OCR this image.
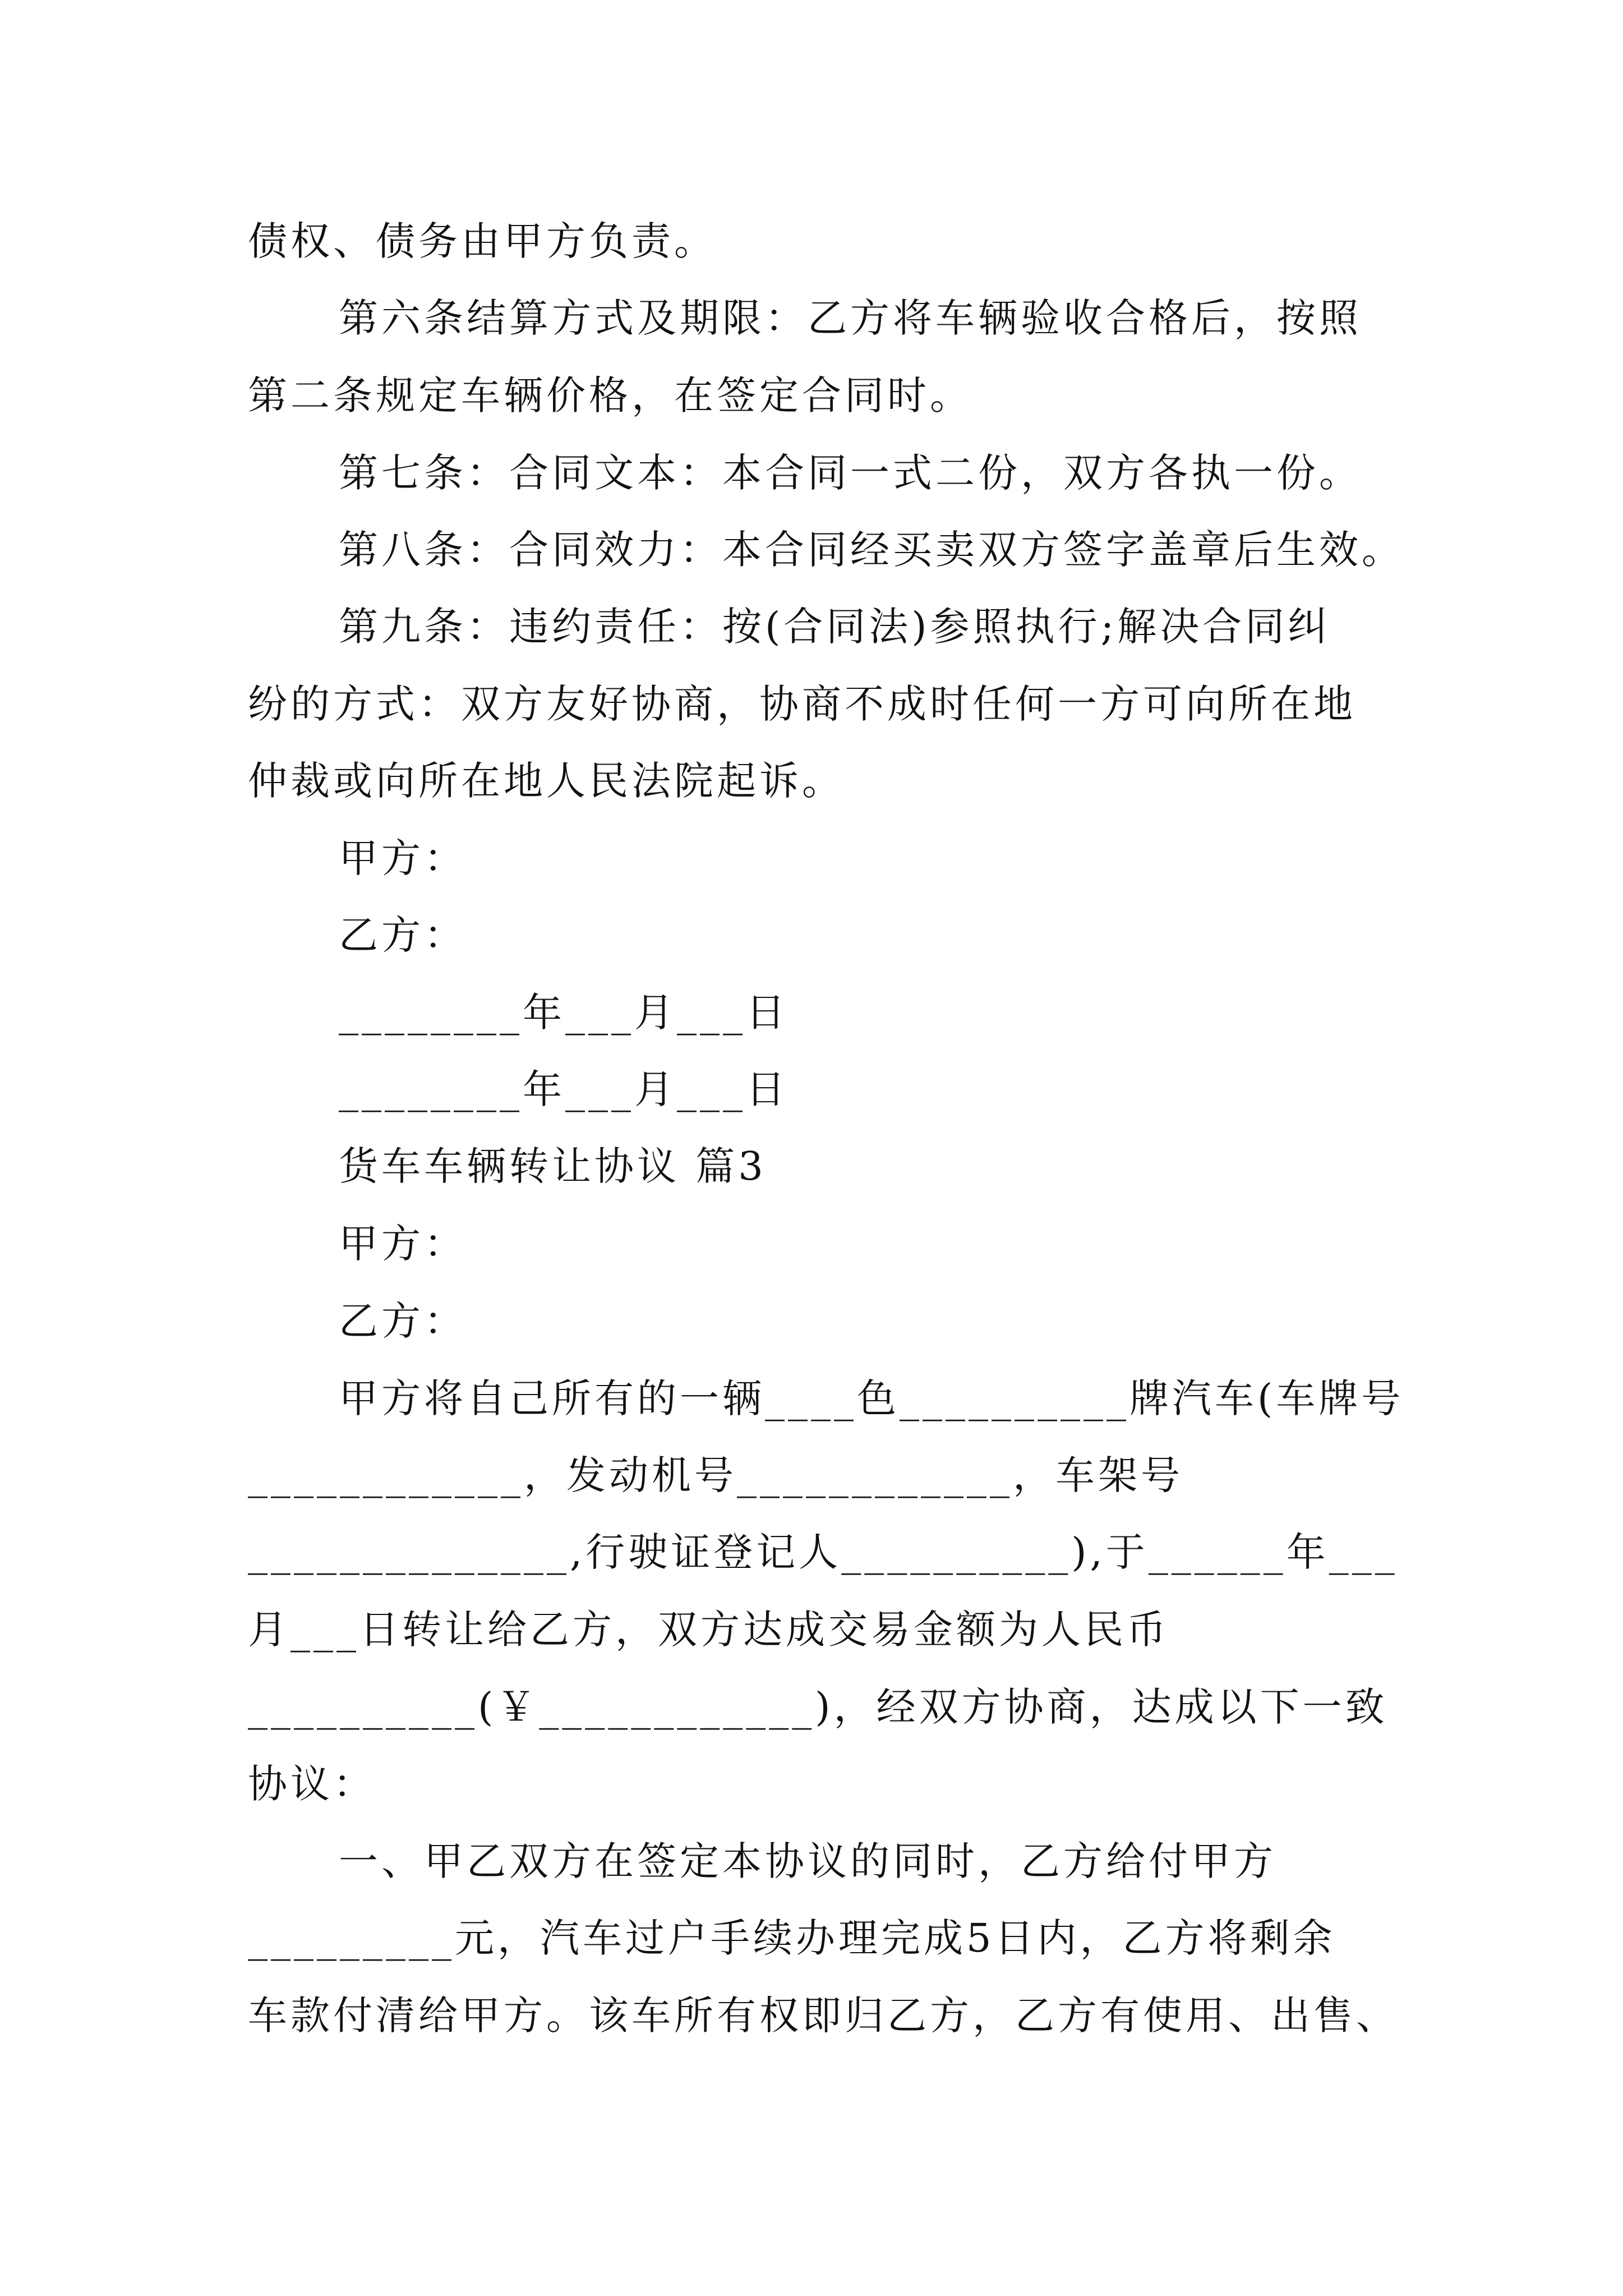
债权、债务由甲方负责。
第六条结算方式及期限：乙方将车辆验收合格后，按照
第二条规定车辆价格，在签定合同时。
第七条：合同文本：本合同一式二份，双方各执一份。
第八条：合同效力：本合同经买卖双方签字盖章后生效。
第九条：违约责任：按(合同法)参照执行;解决合同纠
纷的方式：双方友好协商，协商不成时任何一方可向所在地
仲裁或向所在地人民法院起诉。
甲方：
乙方：
________年___月___日
________年___月___日
货车车辆转让协议 篇3
甲方：
乙方：
甲方将自己所有的一辆____色__________牌汽车(车牌号
____________，发动机号____________，车架号
______________,行驶证登记人__________),于______年___
月___日转让给乙方，双方达成交易金额为人民币
__________(￥____________)，经双方协商，达成以下一致
协议：
一、甲乙双方在签定本协议的同时，乙方给付甲方
_________元，汽车过户手续办理完成5日内，乙方将剩余
车款付清给甲方。该车所有权即归乙方，乙方有使用、出售、
